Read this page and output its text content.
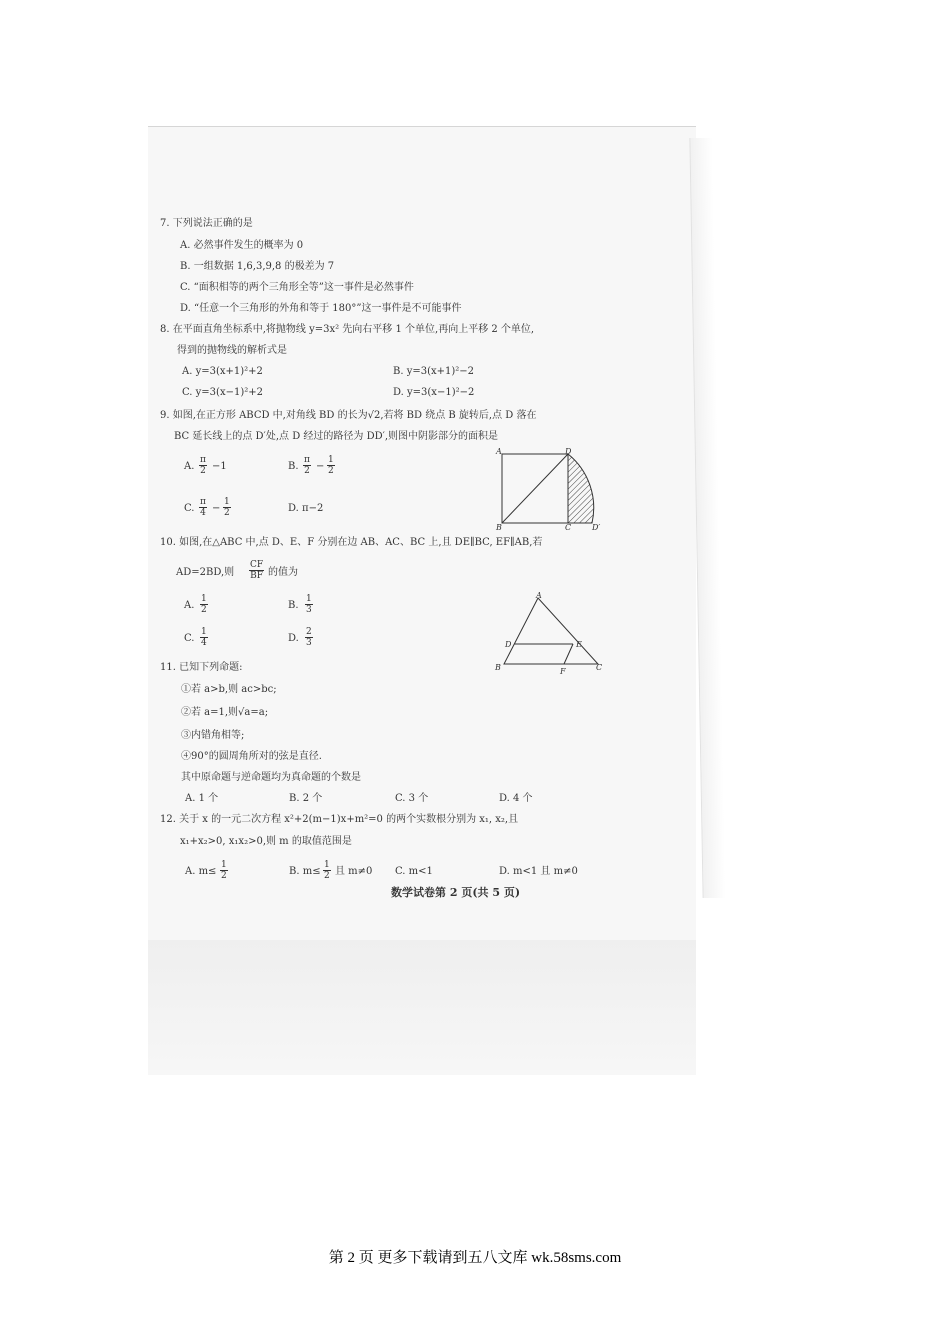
7. 下列说法正确的是
A. 必然事件发生的概率为 0
B. 一组数据 1,6,3,9,8 的极差为 7
C. “面积相等的两个三角形全等”这一事件是必然事件
D. “任意一个三角形的外角和等于 180°”这一事件是不可能事件
8. 在平面直角坐标系中,将抛物线 y=3x² 先向右平移 1 个单位,再向上平移 2 个单位,
得到的抛物线的解析式是
A. y=3(x+1)²+2	B. y=3(x+1)²−2
C. y=3(x−1)²+2	D. y=3(x−1)²−2
9. 如图,在正方形 ABCD 中,对角线 BD 的长为√2,若将 BD 绕点 B 旋转后,点 D 落在
BC 延长线上的点 D′处,点 D 经过的路径为 DD′,则图中阴影部分的面积是
A. $\frac{\pi}{2} -1$	B. $\frac{\pi}{2} - \frac{1}{2}$
C. $\frac{\pi}{4} - \frac{1}{2}$	D. π−2
A	D
B	C	D′
10. 如图,在△ABC 中,点 D、E、F 分别在边 AB、AC、BC 上,且 DE∥BC, EF∥AB,若
AD=2BD,则 $\frac{CF}{BF}$ 的值为
A. $\frac{1}{2}$	B. $\frac{1}{3}$
C. $\frac{1}{4}$	D. $\frac{2}{3}$
A
D	E
B	F	C
11. 已知下列命题:
①若 a>b,则 ac>bc;
②若 a=1,则√a=a;
③内错角相等;
④90°的圆周角所对的弦是直径.
其中原命题与逆命题均为真命题的个数是
A. 1 个	B. 2 个	C. 3 个	D. 4 个
12. 关于 x 的一元二次方程 x²+2(m−1)x+m²=0 的两个实数根分别为 x₁, x₂,且
x₁+x₂>0, x₁x₂>0,则 m 的取值范围是
A. $m\le \frac{1}{2}$	B. $m\le \frac{1}{2}$ 且 m≠0 C. m<1	D. m<1 且 m≠0
数学试卷第 2 页(共 5 页)
第 2 页 更多下载请到五八文库 wk.58sms.com
